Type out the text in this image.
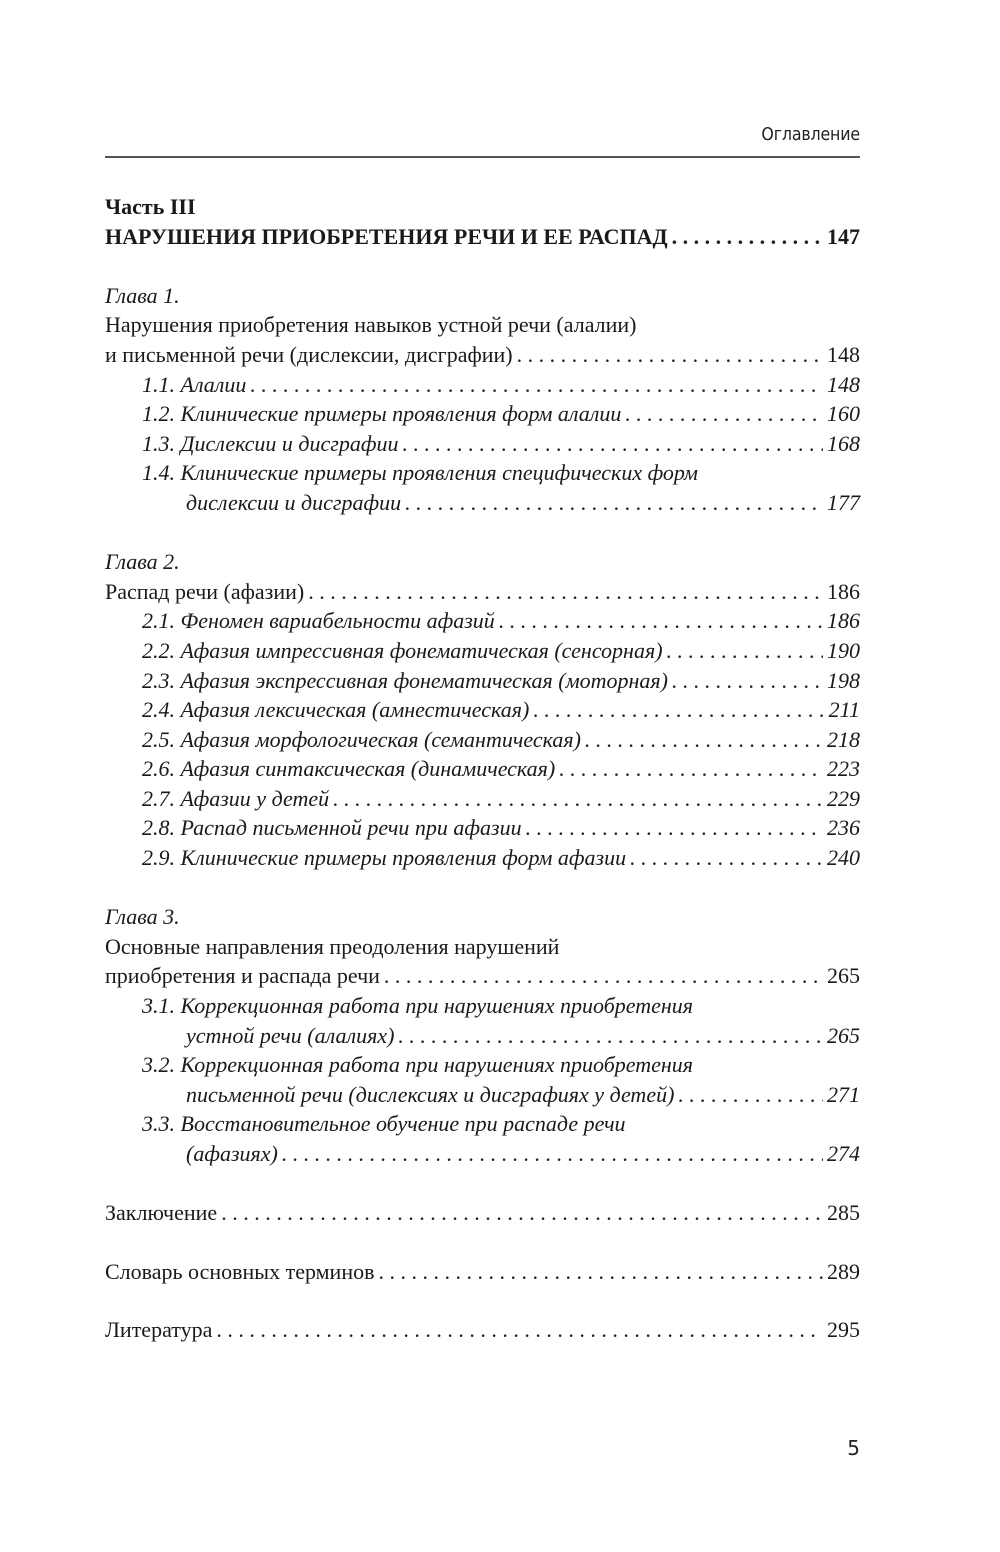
Оглавление
Часть III
НАРУШЕНИЯ ПРИОБРЕТЕНИЯ РЕЧИ И ЕЕ РАСПАД . . .	147
Глава 1.
Нарушения приобретения навыков устной речи (алалии)
и письменной речи (дислексии, дисграфии) . . .	148
1.1. Алалии . . .	148
1.2. Клинические примеры проявления форм алалии . . .	160
1.3. Дислексии и дисграфии . . .	168
1.4. Клинические примеры проявления специфических форм
дислексии и дисграфии . . .	177
Глава 2.
Распад речи (афазии) . . .	186
2.1. Феномен вариабельности афазий . . .	186
2.2. Афазия импрессивная фонематическая (сенсорная) . . .	190
2.3. Афазия экспрессивная фонематическая (моторная) . . .	198
2.4. Афазия лексическая (амнестическая) . . .	211
2.5. Афазия морфологическая (семантическая) . . .	218
2.6. Афазия синтаксическая (динамическая) . . .	223
2.7. Афазии у детей . . .	229
2.8. Распад письменной речи при афазии . . .	236
2.9. Клинические примеры проявления форм афазии . . .	240
Глава 3.
Основные направления преодоления нарушений
приобретения и распада речи . . .	265
3.1. Коррекционная работа при нарушениях приобретения
устной речи (алалиях) . . .	265
3.2. Коррекционная работа при нарушениях приобретения
письменной речи (дислексиях и дисграфиях у детей) . . .	271
3.3. Восстановительное обучение при распаде речи
(афазиях) . . .	274
Заключение . . .	285
Словарь основных терминов . . .	289
Литература . . .	295
5
